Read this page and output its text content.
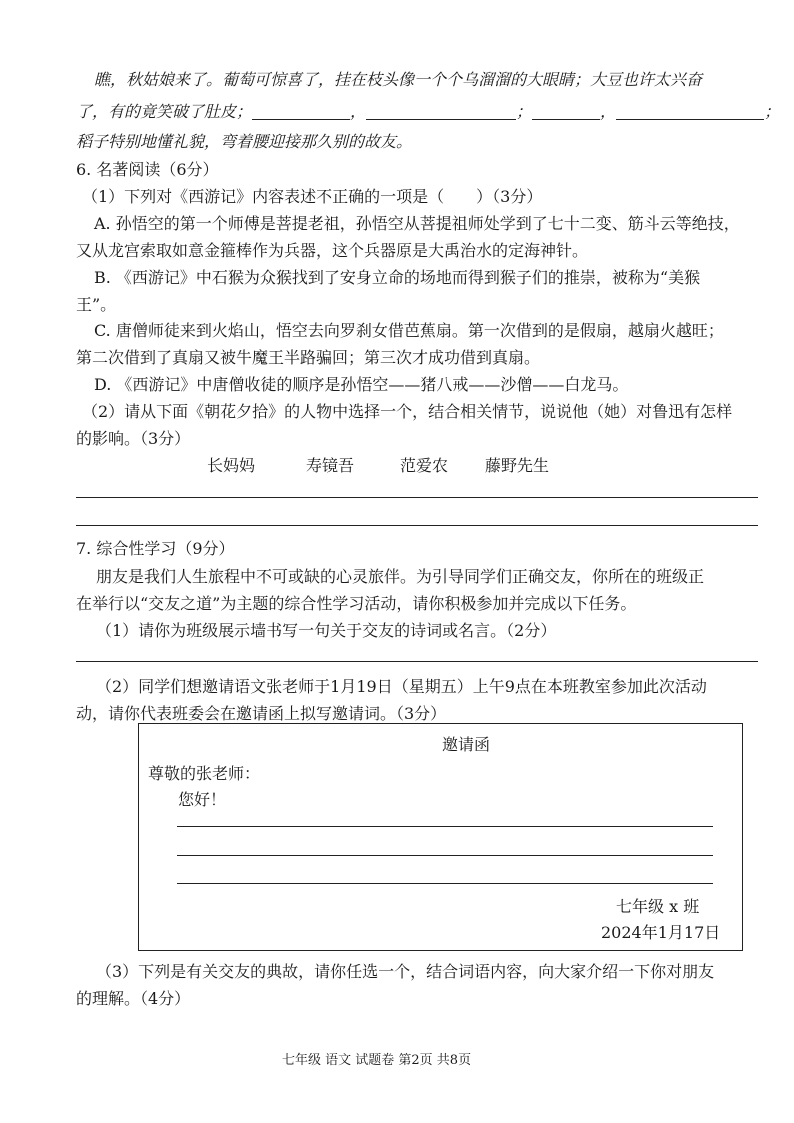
瞧，秋姑娘来了。葡萄可惊喜了，挂在枝头像一个个乌溜溜的大眼睛；大豆也许太兴奋
了，有的竟笑破了肚皮；	，	；	，	；
稻子特别地懂礼貌，弯着腰迎接那久别的故友。
6. 名著阅读（6分）
（1）下列对《西游记》内容表述不正确的一项是（　　）（3分）
A. 孙悟空的第一个师傅是菩提老祖，孙悟空从菩提祖师处学到了七十二变、筋斗云等绝技，
又从龙宫索取如意金箍棒作为兵器，这个兵器原是大禹治水的定海神针。
B. 《西游记》中石猴为众猴找到了安身立命的场地而得到猴子们的推崇，被称为“美猴
王”。
C. 唐僧师徒来到火焰山，悟空去向罗刹女借芭蕉扇。第一次借到的是假扇，越扇火越旺；
第二次借到了真扇又被牛魔王半路骗回；第三次才成功借到真扇。
D. 《西游记》中唐僧收徒的顺序是孙悟空——猪八戒——沙僧——白龙马。
（2）请从下面《朝花夕拾》的人物中选择一个，结合相关情节，说说他（她）对鲁迅有怎样
的影响。（3分）
长妈妈	寿镜吾	范爱农 藤野先生
7. 综合性学习（9分）
朋友是我们人生旅程中不可或缺的心灵旅伴。为引导同学们正确交友，你所在的班级正
在举行以“交友之道”为主题的综合性学习活动，请你积极参加并完成以下任务。
（1）请你为班级展示墙书写一句关于交友的诗词或名言。（2分）
（2）同学们想邀请语文张老师于1月19日（星期五）上午9点在本班教室参加此次活动
动，请你代表班委会在邀请函上拟写邀请词。（3分）
邀请函
尊敬的张老师：
您好！
七年级 x 班
2024年1月17日
（3）下列是有关交友的典故，请你任选一个，结合词语内容，向大家介绍一下你对朋友
的理解。（4分）
七年级 语文 试题卷 第2页 共8页
